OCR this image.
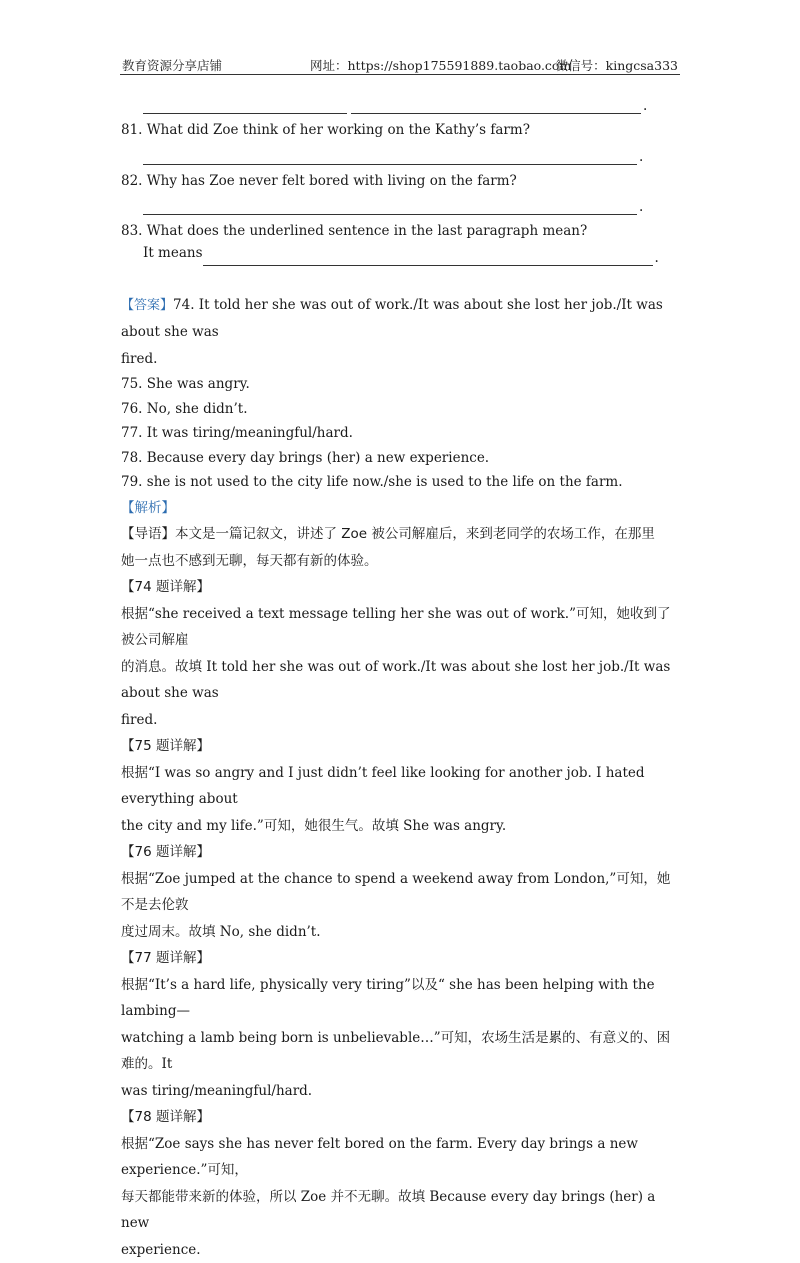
教育资源分享店铺	网址：https://shop175591889.taobao.com
微信号：kingcsa333
.
81. What did Zoe think of her working on the Kathy’s farm?
.
82. Why has Zoe never felt bored with living on the farm?
.
83. What does the underlined sentence in the last paragraph mean?
It means	.
【答案】74. It told her she was out of work./It was about she lost her job./It was about she was
fired.
75. She was angry.
76. No, she didn’t.
77. It was tiring/meaningful/hard.
78. Because every day brings (her) a new experience.
79. she is not used to the city life now./she is used to the life on the farm.
【解析】
【导语】本文是一篇记叙文，讲述了 Zoe 被公司解雇后，来到老同学的农场工作，在那里
她一点也不感到无聊，每天都有新的体验。
【74 题详解】
根据“she received a text message telling her she was out of work.”可知，她收到了被公司解雇
的消息。故填 It told her she was out of work./It was about she lost her job./It was about she was
fired.
【75 题详解】
根据“I was so angry and I just didn’t feel like looking for another job. I hated everything about
the city and my life.”可知，她很生气。故填 She was angry.
【76 题详解】
根据“Zoe jumped at the chance to spend a weekend away from London,”可知，她不是去伦敦
度过周末。故填 No, she didn’t.
【77 题详解】
根据“It’s a hard life, physically very tiring”以及“ she has been helping with the lambing—
watching a lamb being born is unbelievable…”可知，农场生活是累的、有意义的、困难的。It
was tiring/meaningful/hard.
【78 题详解】
根据“Zoe says she has never felt bored on the farm. Every day brings a new experience.”可知，
每天都能带来新的体验，所以 Zoe 并不无聊。故填 Because every day brings (her) a new
experience.
